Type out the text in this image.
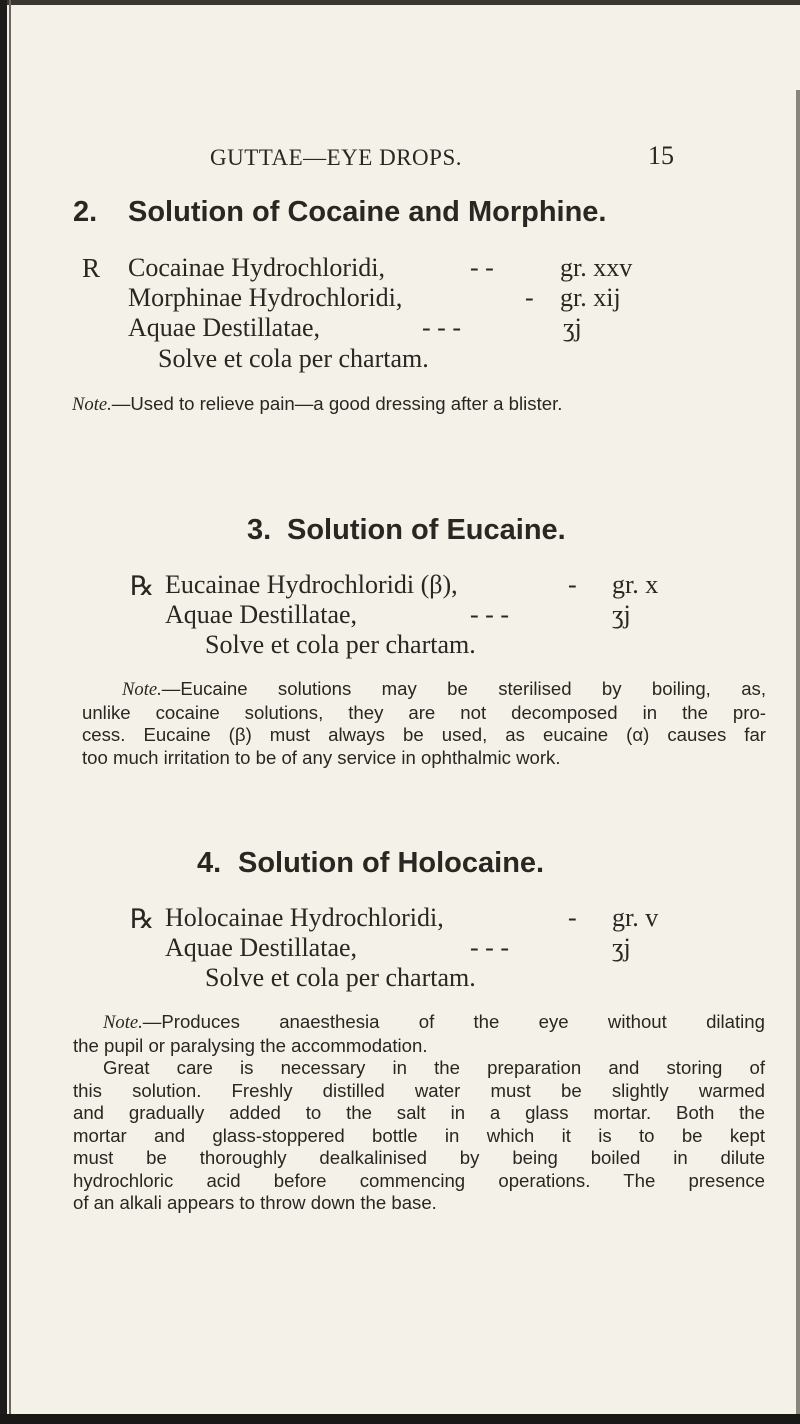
GUTTAE—EYE DROPS.	15
2. Solution of Cocaine and Morphine.
R Cocainae Hydrochloridi,	- -	gr. xxv
Morphinae Hydrochloridi,	- gr. xij
Aquae Destillatae,	- - -	ʒj
Solve et cola per chartam.
Note.—Used to relieve pain—a good dressing after a blister.
3. Solution of Eucaine.
℞ Eucainae Hydrochloridi (β),	- gr. x
Aquae Destillatae,	- - -	ʒj
Solve et cola per chartam.
Note.—Eucaine solutions may be sterilised by boiling, as,
unlike cocaine solutions, they are not decomposed in the pro-
cess. Eucaine (β) must always be used, as eucaine (α) causes far
too much irritation to be of any service in ophthalmic work.
4. Solution of Holocaine.
℞ Holocainae Hydrochloridi,	- gr. v
Aquae Destillatae,	- - -	ʒj
Solve et cola per chartam.
Note.—Produces anaesthesia of the eye without dilating
the pupil or paralysing the accommodation.
Great care is necessary in the preparation and storing of
this solution. Freshly distilled water must be slightly warmed
and gradually added to the salt in a glass mortar. Both the
mortar and glass-stoppered bottle in which it is to be kept
must be thoroughly dealkalinised by being boiled in dilute
hydrochloric acid before commencing operations. The presence
of an alkali appears to throw down the base.
